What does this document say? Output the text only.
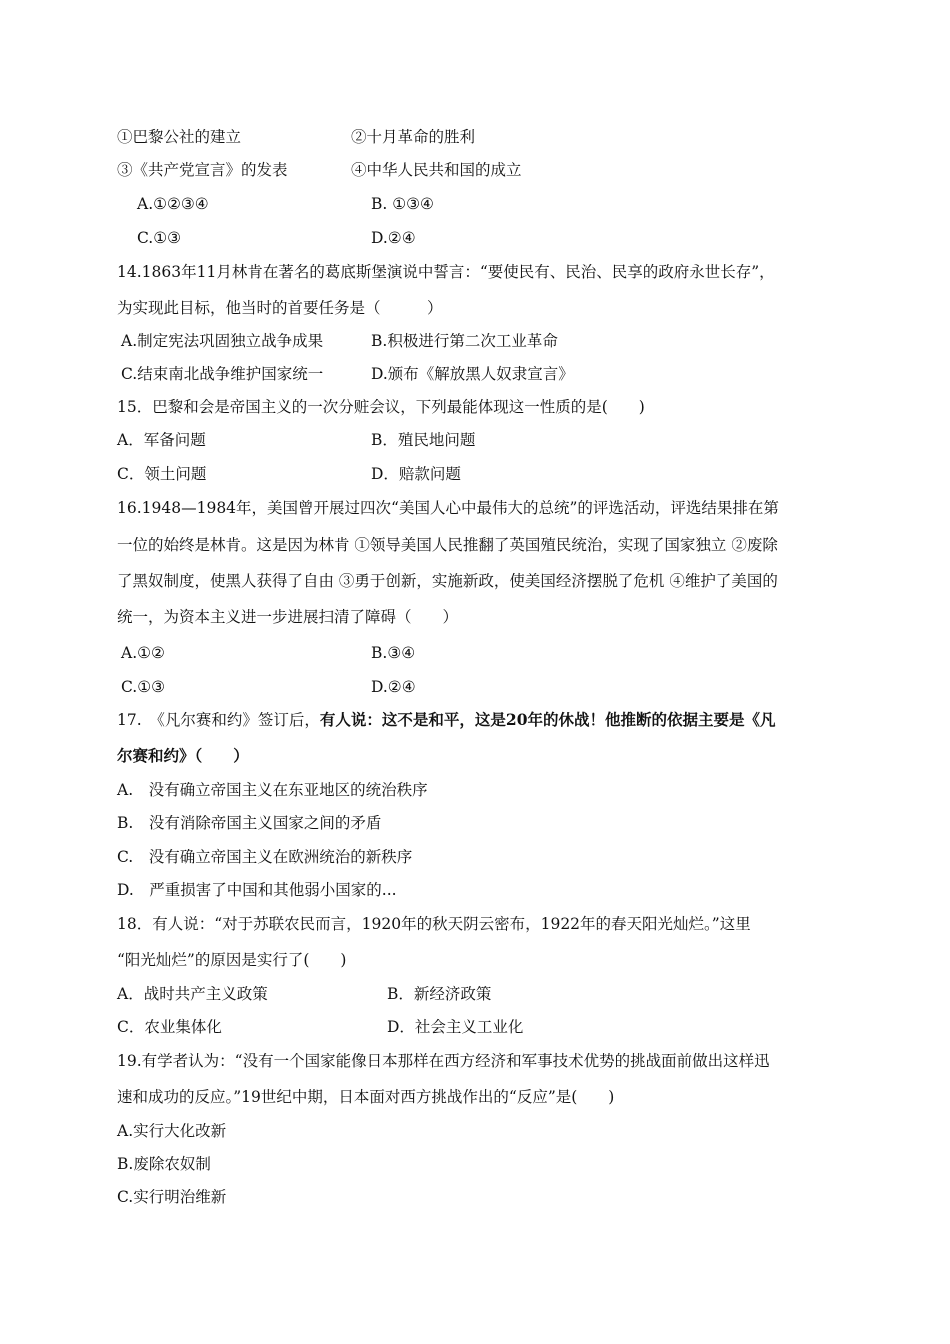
①巴黎公社的建立	②十月革命的胜利
③《共产党宣言》的发表	④中华人民共和国的成立
A.①②③④	B. ①③④
C.①③	D.②④
14.1863年11月林肯在著名的葛底斯堡演说中誓言：“要使民有、民治、民享的政府永世长存”，
为实现此目标，他当时的首要任务是（　　　）
A.制定宪法巩固独立战争成果	B.积极进行第二次工业革命
C.结束南北战争维护国家统一	D.颁布《解放黑人奴隶宣言》
15．巴黎和会是帝国主义的一次分赃会议，下列最能体现这一性质的是(　　)
A．军备问题	B．殖民地问题
C．领土问题	D．赔款问题
16.1948—1984年，美国曾开展过四次“美国人心中最伟大的总统”的评选活动，评选结果排在第
一位的始终是林肯。这是因为林肯 ①领导美国人民推翻了英国殖民统治，实现了国家独立 ②废除
了黑奴制度，使黑人获得了自由 ③勇于创新，实施新政，使美国经济摆脱了危机 ④维护了美国的
统一，为资本主义进一步进展扫清了障碍（　　）
A.①②	B.③④
C.①③	D.②④
17.　《凡尔赛和约》签订后，有人说：这不是和平，这是20年的休战！他推断的依据主要是《凡
尔赛和约》（　　）
A.　没有确立帝国主义在东亚地区的统治秩序
B.　没有消除帝国主义国家之间的矛盾
C.　没有确立帝国主义在欧洲统治的新秩序
D.　严重损害了中国和其他弱小国家的...
18．有人说：“对于苏联农民而言，1920年的秋天阴云密布，1922年的春天阳光灿烂。”这里
“阳光灿烂”的原因是实行了(　　)
A．战时共产主义政策	B．新经济政策
C．农业集体化	D．社会主义工业化
19.有学者认为：“没有一个国家能像日本那样在西方经济和军事技术优势的挑战面前做出这样迅
速和成功的反应。”19世纪中期，日本面对西方挑战作出的“反应”是(　　)
A.实行大化改新
B.废除农奴制
C.实行明治维新
